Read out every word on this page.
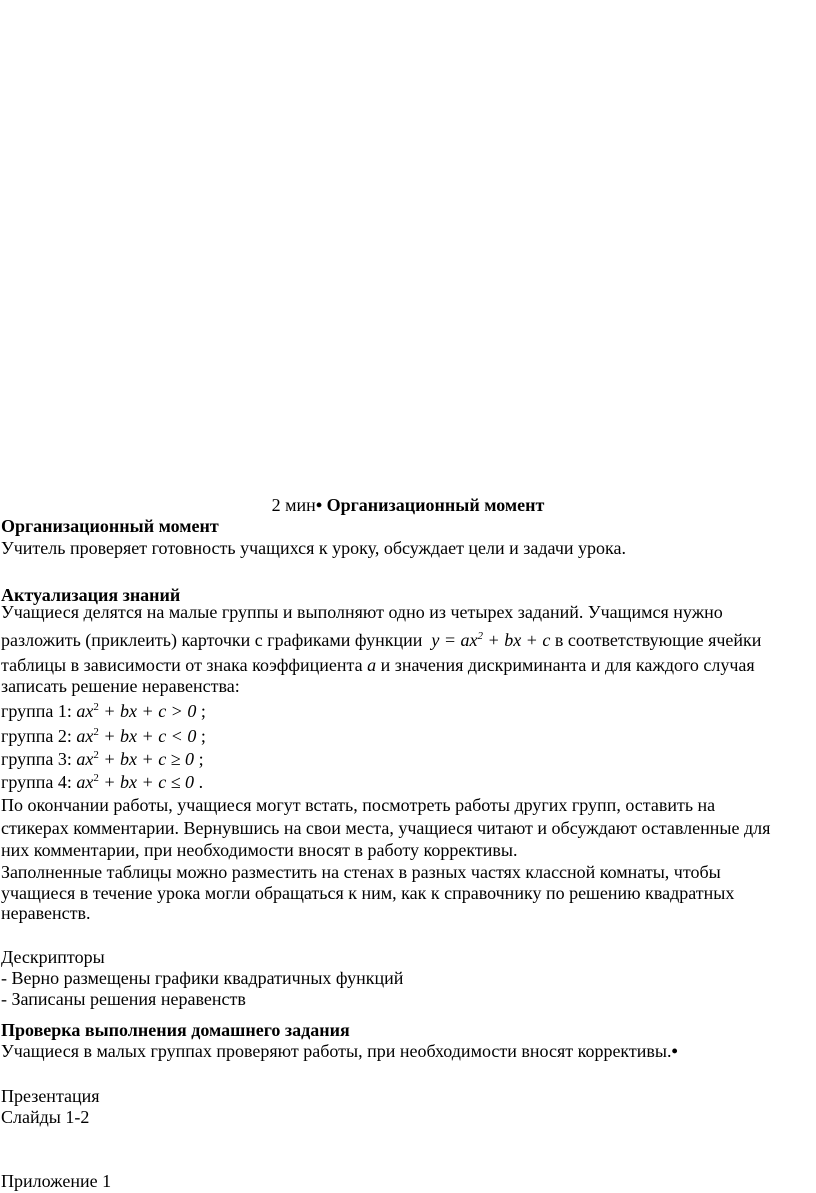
2 мин• Организационный момент
Организационный момент
Учитель проверяет готовность учащихся к уроку, обсуждает цели и задачи урока.
Актуализация знаний
Учащиеся делятся на малые группы и выполняют одно из четырех заданий. Учащимся нужно
разложить (приклеить) карточки с графиками функции  $y = ax^2$ + bx + c в соответствующие ячейки
таблицы в зависимости от знака коэффициента a и значения дискриминанта и для каждого случая
записать решение неравенства:
группа 1: $ax^2$ + bx + c > 0 ;
группа 2: $ax^2$ + bx + c < 0 ;
группа 3: $ax^2$ + bx + c ≥ 0 ;
группа 4: $ax^2$ + bx + c ≤ 0 .
По окончании работы, учащиеся могут встать, посмотреть работы других групп, оставить на
стикерах комментарии. Вернувшись на свои места, учащиеся читают и обсуждают оставленные для
них комментарии, при необходимости вносят в работу коррективы.
Заполненные таблицы можно разместить на стенах в разных частях классной комнаты, чтобы
учащиеся в течение урока могли обращаться к ним, как к справочнику по решению квадратных
неравенств.
Дескрипторы
- Верно размещены графики квадратичных функций
- Записаны решения неравенств
Проверка выполнения домашнего задания
Учащиеся в малых группах проверяют работы, при необходимости вносят коррективы.•
Презентация
Слайды 1-2
Приложение 1
